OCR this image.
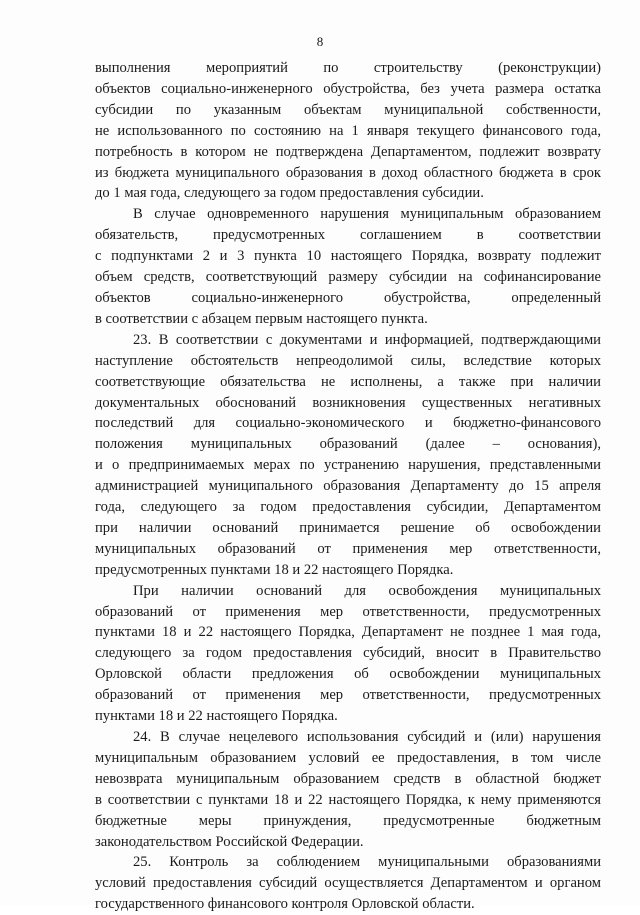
8
выполнения мероприятий по строительству (реконструкции)
объектов социально-инженерного обустройства, без учета размера остатка
субсидии по указанным объектам муниципальной собственности,
не использованного по состоянию на 1 января текущего финансового года,
потребность в котором не подтверждена Департаментом, подлежит возврату
из бюджета муниципального образования в доход областного бюджета в срок
до 1 мая года, следующего за годом предоставления субсидии.
В случае одновременного нарушения муниципальным образованием
обязательств, предусмотренных соглашением в соответствии
с подпунктами 2 и 3 пункта 10 настоящего Порядка, возврату подлежит
объем средств, соответствующий размеру субсидии на софинансирование
объектов социально-инженерного обустройства, определенный
в соответствии с абзацем первым настоящего пункта.
23. В соответствии с документами и информацией, подтверждающими
наступление обстоятельств непреодолимой силы, вследствие которых
соответствующие обязательства не исполнены, а также при наличии
документальных обоснований возникновения существенных негативных
последствий для социально-экономического и бюджетно-финансового
положения муниципальных образований (далее – основания),
и о предпринимаемых мерах по устранению нарушения, представленными
администрацией муниципального образования Департаменту до 15 апреля
года, следующего за годом предоставления субсидии, Департаментом
при наличии оснований принимается решение об освобождении
муниципальных образований от применения мер ответственности,
предусмотренных пунктами 18 и 22 настоящего Порядка.
При наличии оснований для освобождения муниципальных
образований от применения мер ответственности, предусмотренных
пунктами 18 и 22 настоящего Порядка, Департамент не позднее 1 мая года,
следующего за годом предоставления субсидий, вносит в Правительство
Орловской области предложения об освобождении муниципальных
образований от применения мер ответственности, предусмотренных
пунктами 18 и 22 настоящего Порядка.
24. В случае нецелевого использования субсидий и (или) нарушения
муниципальным образованием условий ее предоставления, в том числе
невозврата муниципальным образованием средств в областной бюджет
в соответствии с пунктами 18 и 22 настоящего Порядка, к нему применяются
бюджетные меры принуждения, предусмотренные бюджетным
законодательством Российской Федерации.
25. Контроль за соблюдением муниципальными образованиями
условий предоставления субсидий осуществляется Департаментом и органом
государственного финансового контроля Орловской области.
